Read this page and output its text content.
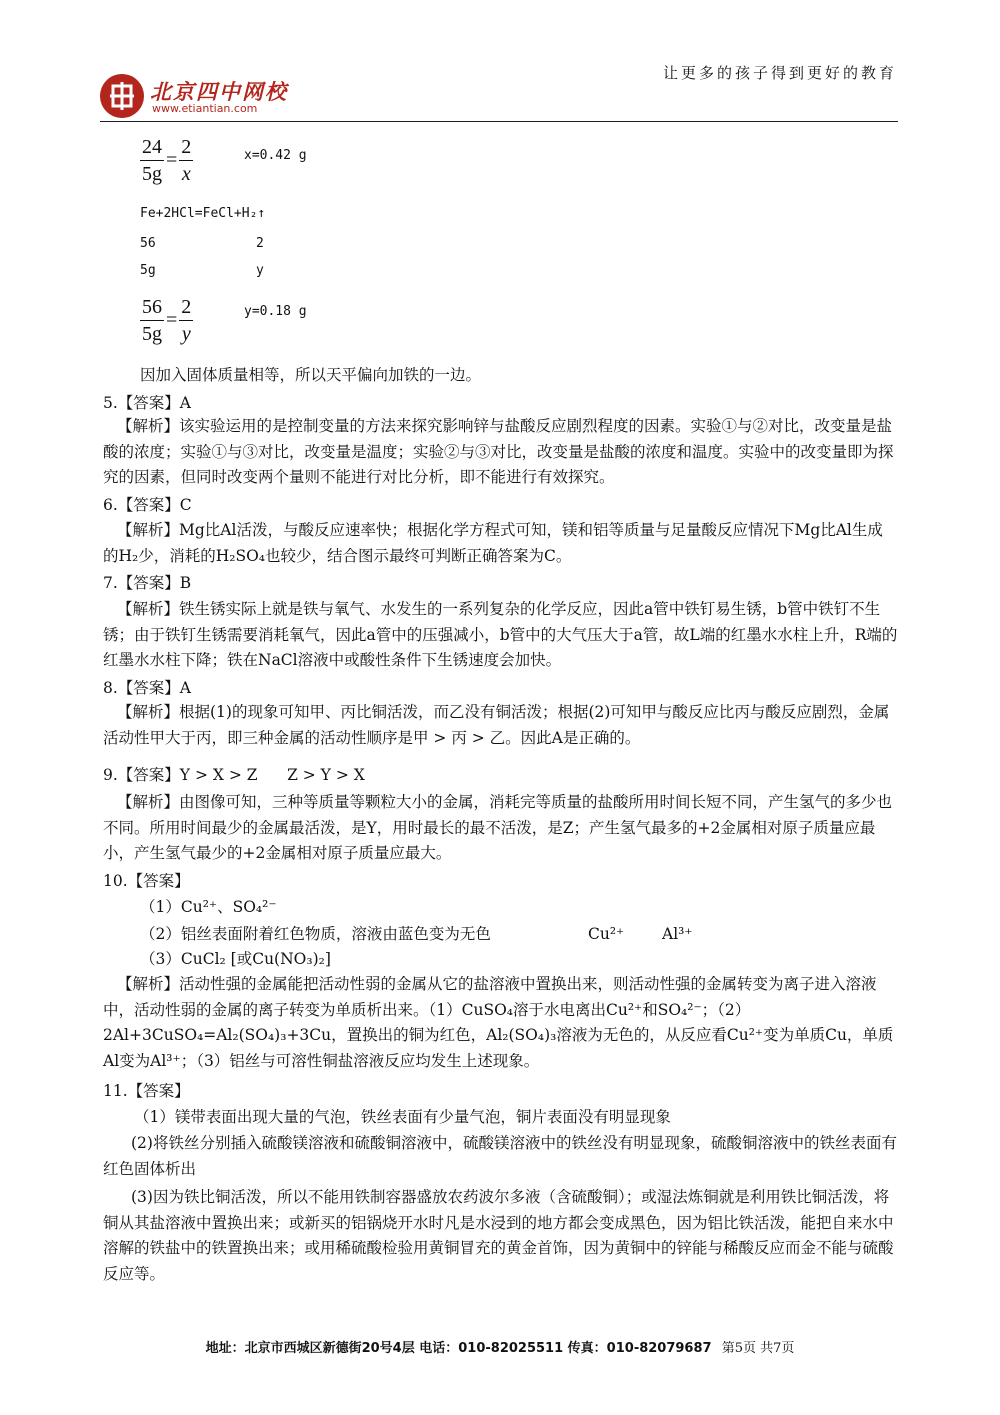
让更多的孩子得到更好的教育
北京四中网校
www.etiantian.com
$\frac{24}{5g} = \frac{2}{x}$	x=0.42 g
Fe+2HCl=FeCl+H₂↑
56	2
5g	y
$\frac{56}{5g} = \frac{2}{y}$	y=0.18 g
因加入固体质量相等，所以天平偏向加铁的一边。
5.【答案】A
【解析】该实验运用的是控制变量的方法来探究影响锌与盐酸反应剧烈程度的因素。实验①与②对比，改变量是盐酸的浓度；实验①与③对比，改变量是温度；实验②与③对比，改变量是盐酸的浓度和温度。实验中的改变量即为探究的因素，但同时改变两个量则不能进行对比分析，即不能进行有效探究。
6.【答案】C
【解析】Mg比Al活泼，与酸反应速率快；根据化学方程式可知，镁和铝等质量与足量酸反应情况下Mg比Al生成的H₂少，消耗的H₂SO₄也较少，结合图示最终可判断正确答案为C。
7.【答案】B
【解析】铁生锈实际上就是铁与氧气、水发生的一系列复杂的化学反应，因此a管中铁钉易生锈，b管中铁钉不生锈；由于铁钉生锈需要消耗氧气，因此a管中的压强减小，b管中的大气压大于a管，故L端的红墨水水柱上升，R端的红墨水水柱下降；铁在NaCl溶液中或酸性条件下生锈速度会加快。
8.【答案】A
【解析】根据(1)的现象可知甲、丙比铜活泼，而乙没有铜活泼；根据(2)可知甲与酸反应比丙与酸反应剧烈，金属活动性甲大于丙，即三种金属的活动性顺序是甲 > 丙 > 乙。因此A是正确的。
9.【答案】Y > X > Z      Z > Y > X
【解析】由图像可知，三种等质量等颗粒大小的金属，消耗完等质量的盐酸所用时间长短不同，产生氢气的多少也不同。所用时间最少的金属最活泼，是Y，用时最长的最不活泼，是Z；产生氢气最多的+2金属相对原子质量应最小，产生氢气最少的+2金属相对原子质量应最大。
10.【答案】
（1）Cu²⁺、SO₄²⁻
（2）铝丝表面附着红色物质，溶液由蓝色变为无色	Cu²⁺ Al³⁺
（3）CuCl₂ [或Cu(NO₃)₂]
【解析】活动性强的金属能把活动性弱的金属从它的盐溶液中置换出来，则活动性强的金属转变为离子进入溶液中，活动性弱的金属的离子转变为单质析出来。（1）CuSO₄溶于水电离出Cu²⁺和SO₄²⁻；（2）2Al+3CuSO₄=Al₂(SO₄)₃+3Cu，置换出的铜为红色，Al₂(SO₄)₃溶液为无色的，从反应看Cu²⁺变为单质Cu，单质Al变为Al³⁺；（3）铝丝与可溶性铜盐溶液反应均发生上述现象。
11.【答案】
（1）镁带表面出现大量的气泡，铁丝表面有少量气泡，铜片表面没有明显现象
(2)将铁丝分别插入硫酸镁溶液和硫酸铜溶液中，硫酸镁溶液中的铁丝没有明显现象，硫酸铜溶液中的铁丝表面有红色固体析出
(3)因为铁比铜活泼，所以不能用铁制容器盛放农药波尔多液（含硫酸铜）；或湿法炼铜就是利用铁比铜活泼，将铜从其盐溶液中置换出来；或新买的铝锅烧开水时凡是水浸到的地方都会变成黑色，因为铝比铁活泼，能把自来水中溶解的铁盐中的铁置换出来；或用稀硫酸检验用黄铜冒充的黄金首饰，因为黄铜中的锌能与稀酸反应而金不能与硫酸反应等。
地址：北京市西城区新德街20号4层 电话：010-82025511 传真：010-82079687 第5页 共7页
